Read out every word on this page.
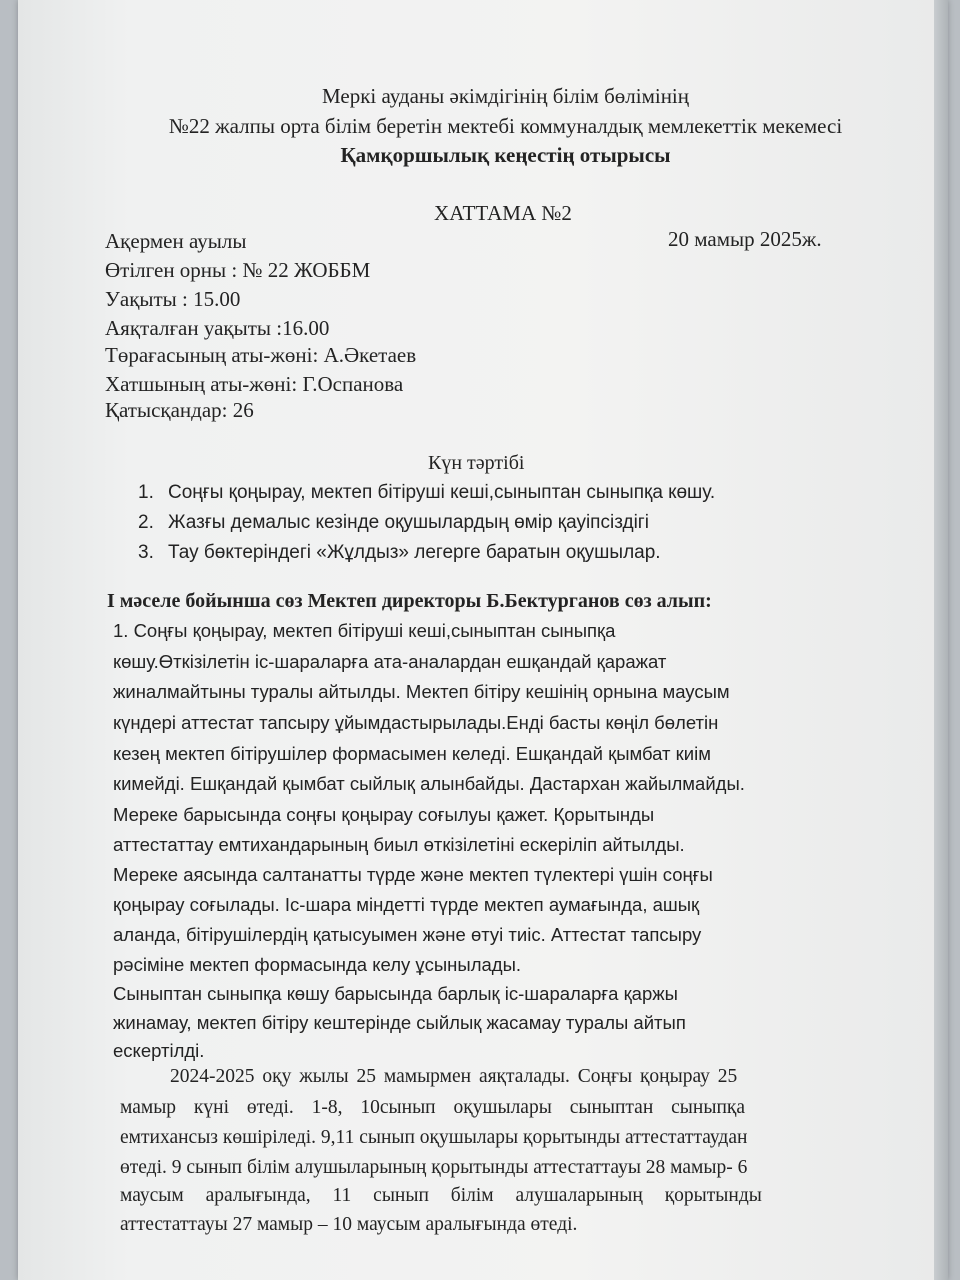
Меркі ауданы әкімдігінің білім бөлімінің

№22 жалпы орта білім беретін мектебі коммуналдық мемлекеттік мекемесі

Қамқоршылық кеңестің отырысы

ХАТТАМА №2

Ақермен ауылы	20 мамыр 2025ж.

Өтілген орны : № 22 ЖОББМ

Уақыты : 15.00

Аяқталған уақыты :16.00

Төрағасының аты-жөні: А.Әкетаев

Хатшының аты-жөні: Г.Оспанова

Қатысқандар: 26

Күн тәртібі

1. Соңғы қоңырау, мектеп бітіруші кеші,сыныптан сыныпқа көшу.

2. Жазғы демалыс кезінде оқушылардың өмір қауіпсіздігі

3. Тау бөктеріндегі «Жұлдыз» легерге баратын оқушылар.

I мәселе бойынша сөз Мектеп директоры Б.Бектурганов сөз алып:

1. Соңғы қоңырау, мектеп бітіруші кеші,сыныптан сыныпқа

көшу.Өткізілетін іс-шараларға ата-аналардан ешқандай қаражат

жиналмайтыны туралы айтылды. Мектеп бітіру кешінің орнына маусым

күндері аттестат тапсыру ұйымдастырылады.Енді басты көңіл бөлетін

кезең мектеп бітірушілер формасымен келеді. Ешқандай қымбат киім

кимейді. Ешқандай қымбат сыйлық алынбайды. Дастархан жайылмайды.

Мереке барысында соңғы қоңырау соғылуы қажет. Қорытынды

аттестаттау емтихандарының биыл өткізілетіні ескеріліп айтылды.

Мереке аясында салтанатты түрде және мектеп түлектері үшін соңғы

қоңырау соғылады. Іс-шара міндетті түрде мектеп аумағында, ашық

аланда, бітірушілердің қатысуымен және өтуі тиіс. Аттестат тапсыру

рәсіміне мектеп формасында келу ұсынылады.

Сыныптан сыныпқа көшу барысында барлық іс-шараларға қаржы

жинамау, мектеп бітіру кештерінде сыйлық жасамау туралы айтып

ескертілді.

2024-2025 оқу жылы 25 мамырмен аяқталады. Соңғы қоңырау 25

мамыр күні өтеді. 1-8, 10сынып оқушылары сыныптан сыныпқа

емтихансыз көшіріледі. 9,11 сынып оқушылары қорытынды аттестаттаудан

өтеді. 9 сынып білім алушыларының қорытынды аттестаттауы 28 мамыр- 6

маусым аралығында, 11 сынып білім алушаларының қорытынды

аттестаттауы 27 мамыр – 10 маусым аралығында өтеді.
